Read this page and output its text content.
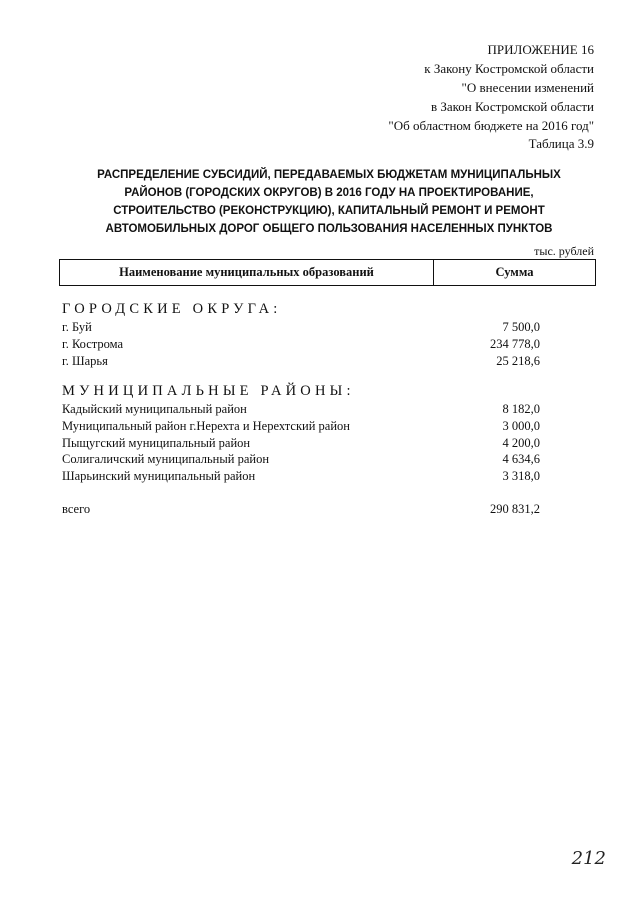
ПРИЛОЖЕНИЕ 16
к Закону Костромской области
"О внесении изменений
в Закон Костромской области
"Об областном бюджете на 2016 год"
Таблица 3.9
РАСПРЕДЕЛЕНИЕ СУБСИДИЙ, ПЕРЕДАВАЕМЫХ БЮДЖЕТАМ МУНИЦИПАЛЬНЫХ
РАЙОНОВ (ГОРОДСКИХ ОКРУГОВ) В 2016 ГОДУ НА ПРОЕКТИРОВАНИЕ,
СТРОИТЕЛЬСТВО (РЕКОНСТРУКЦИЮ), КАПИТАЛЬНЫЙ РЕМОНТ И РЕМОНТ
АВТОМОБИЛЬНЫХ ДОРОГ ОБЩЕГО ПОЛЬЗОВАНИЯ НАСЕЛЕННЫХ ПУНКТОВ
тыс. рублей
Наименование муниципальных образований	Сумма
ГОРОДСКИЕ ОКРУГА:
г. Буй	7 500,0
г. Кострома	234 778,0
г. Шарья	25 218,6
МУНИЦИПАЛЬНЫЕ РАЙОНЫ:
Кадыйский муниципальный район	8 182,0
Муниципальный район г.Нерехта и Нерехтский район	3 000,0
Пыщугский муниципальный район	4 200,0
Солигаличский муниципальный район	4 634,6
Шарьинский муниципальный район	3 318,0
всего	290 831,2
212
